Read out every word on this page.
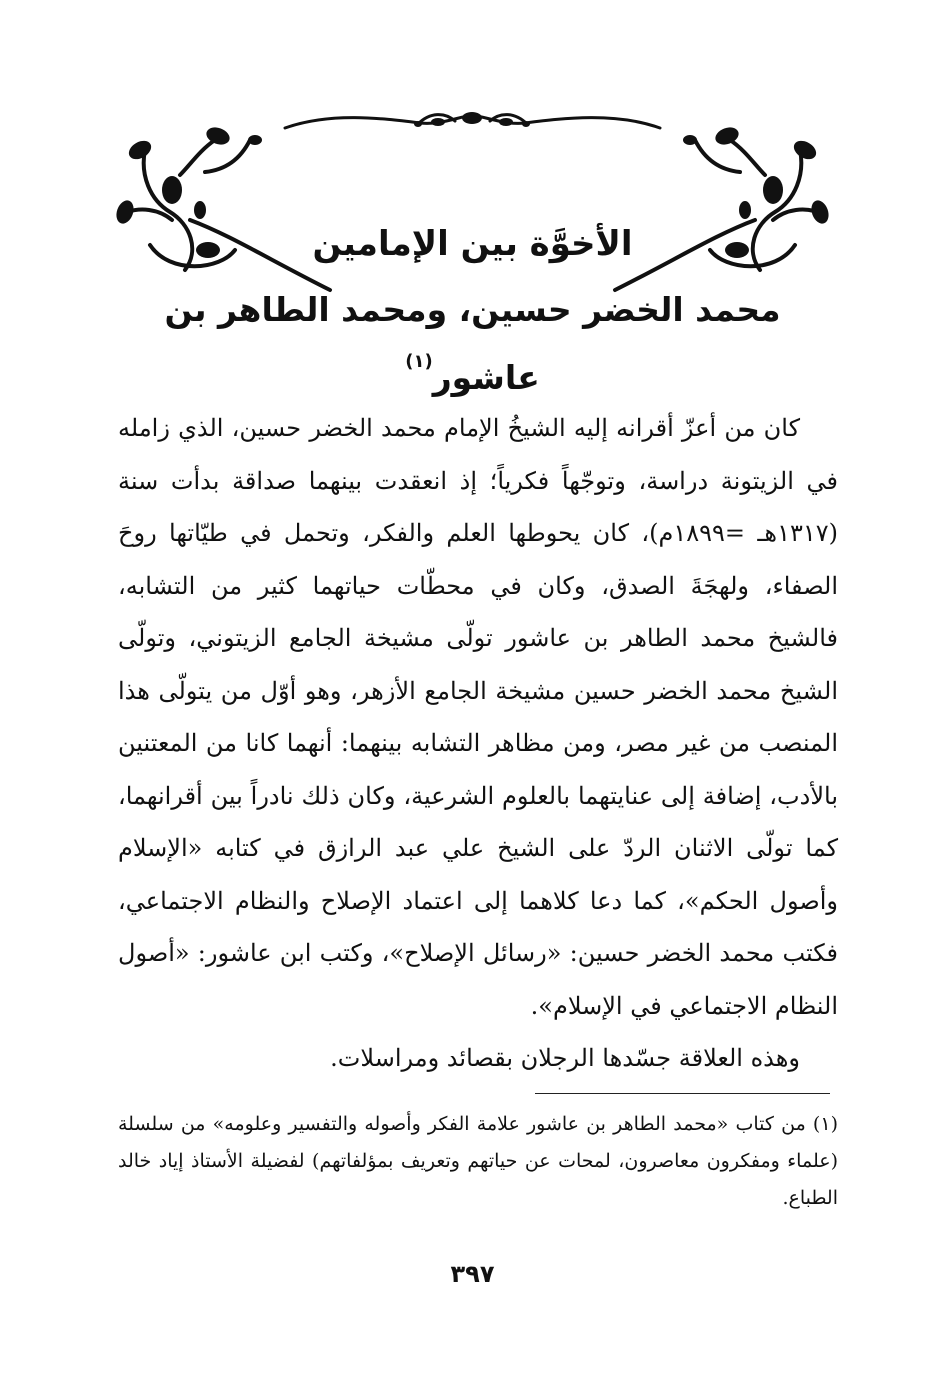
الأخوَّة بين الإمامين
محمد الخضر حسين، ومحمد الطاهر بن عاشور$^{(١)}$

كان من أعزّ أقرانه إليه الشيخُ الإمام محمد الخضر حسين، الذي زامله في الزيتونة دراسة، وتوجّهاً فكرياً؛ إذ انعقدت بينهما صداقة بدأت سنة (١٣١٧هـ =١٨٩٩م)، كان يحوطها العلم والفكر، وتحمل في طيّاتها روحَ الصفاء، ولهجَةَ الصدق، وكان في محطّات حياتهما كثير من التشابه، فالشيخ محمد الطاهر بن عاشور تولّى مشيخة الجامع الزيتوني، وتولّى الشيخ محمد الخضر حسين مشيخة الجامع الأزهر، وهو أوّل من يتولّى هذا المنصب من غير مصر، ومن مظاهر التشابه بينهما: أنهما كانا من المعتنين بالأدب، إضافة إلى عنايتهما بالعلوم الشرعية، وكان ذلك نادراً بين أقرانهما، كما تولّى الاثنان الردّ على الشيخ علي عبد الرازق في كتابه «الإسلام وأصول الحكم»، كما دعا كلاهما إلى اعتماد الإصلاح والنظام الاجتماعي، فكتب محمد الخضر حسين: «رسائل الإصلاح»، وكتب ابن عاشور: «أصول النظام الاجتماعي في الإسلام».

وهذه العلاقة جسّدها الرجلان بقصائد ومراسلات.

(١) من كتاب «محمد الطاهر بن عاشور علامة الفكر وأصوله والتفسير وعلومه» من سلسلة (علماء ومفكرون معاصرون، لمحات عن حياتهم وتعريف بمؤلفاتهم) لفضيلة الأستاذ إياد خالد الطباع.

٣٩٧
